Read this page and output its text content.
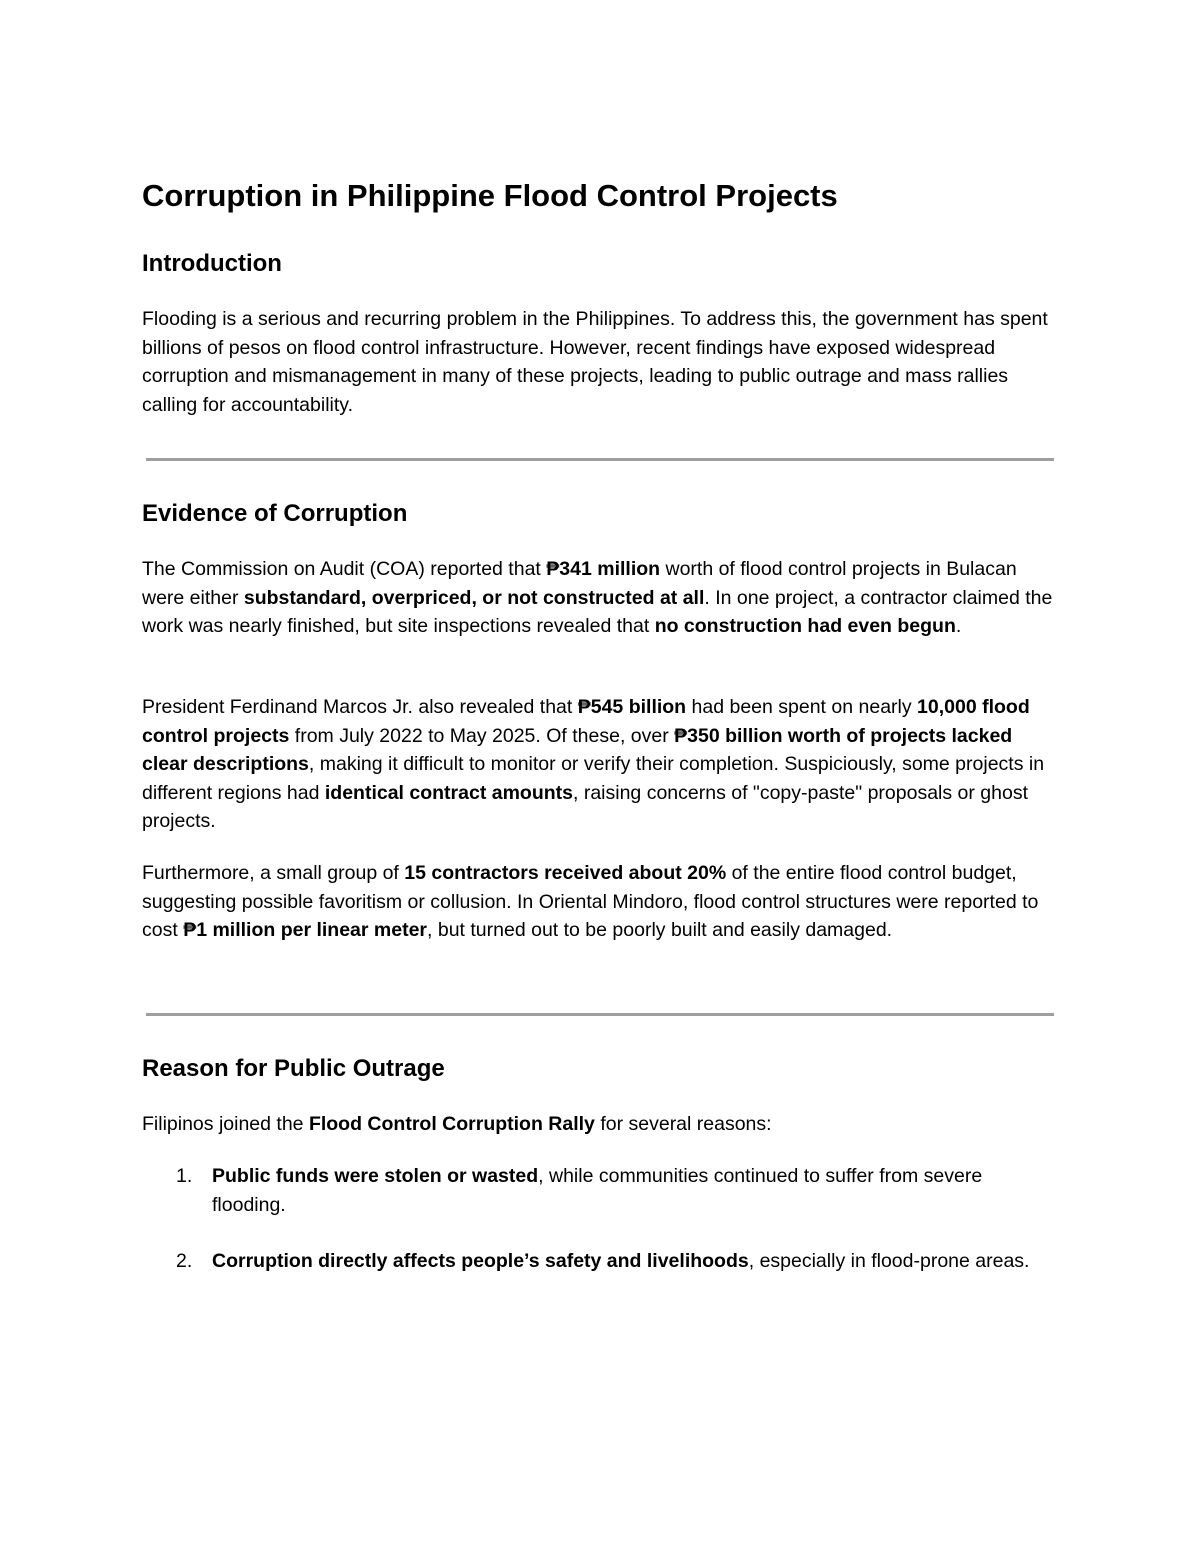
Corruption in Philippine Flood Control Projects
Introduction

Flooding is a serious and recurring problem in the Philippines. To address this, the government has spent billions of pesos on flood control infrastructure. However, recent findings have exposed widespread corruption and mismanagement in many of these projects, leading to public outrage and mass rallies calling for accountability.

Evidence of Corruption

The Commission on Audit (COA) reported that ₱341 million worth of flood control projects in Bulacan were either substandard, overpriced, or not constructed at all. In one project, a contractor claimed the work was nearly finished, but site inspections revealed that no construction had even begun.

President Ferdinand Marcos Jr. also revealed that ₱545 billion had been spent on nearly 10,000 flood control projects from July 2022 to May 2025. Of these, over ₱350 billion worth of projects lacked clear descriptions, making it difficult to monitor or verify their completion. Suspiciously, some projects in different regions had identical contract amounts, raising concerns of "copy-paste" proposals or ghost projects.

Furthermore, a small group of 15 contractors received about 20% of the entire flood control budget, suggesting possible favoritism or collusion. In Oriental Mindoro, flood control structures were reported to cost ₱1 million per linear meter, but turned out to be poorly built and easily damaged.

Reason for Public Outrage

Filipinos joined the Flood Control Corruption Rally for several reasons:

1. Public funds were stolen or wasted, while communities continued to suffer from severe flooding.
2. Corruption directly affects people’s safety and livelihoods, especially in flood-prone areas.
